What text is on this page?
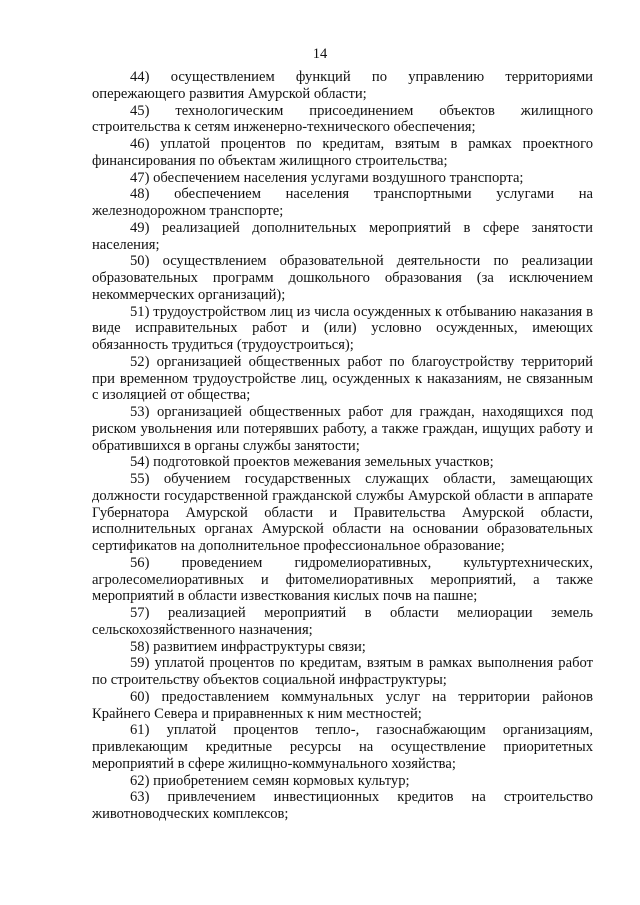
14

44) осуществлением функций по управлению территориями опережающего развития Амурской области;

45) технологическим присоединением объектов жилищного строительства к сетям инженерно-технического обеспечения;

46) уплатой процентов по кредитам, взятым в рамках проектного финансирования по объектам жилищного строительства;

47) обеспечением населения услугами воздушного транспорта;

48) обеспечением населения транспортными услугами на железнодорожном транспорте;

49) реализацией дополнительных мероприятий в сфере занятости населения;

50) осуществлением образовательной деятельности по реализации образовательных программ дошкольного образования (за исключением некоммерческих организаций);

51) трудоустройством лиц из числа осужденных к отбыванию наказания в виде исправительных работ и (или) условно осужденных, имеющих обязанность трудиться (трудоустроиться);

52) организацией общественных работ по благоустройству территорий при временном трудоустройстве лиц, осужденных к наказаниям, не связанным с изоляцией от общества;

53) организацией общественных работ для граждан, находящихся под риском увольнения или потерявших работу, а также граждан, ищущих работу и обратившихся в органы службы занятости;

54) подготовкой проектов межевания земельных участков;

55) обучением государственных служащих области, замещающих должности государственной гражданской службы Амурской области в аппарате Губернатора Амурской области и Правительства Амурской области, исполнительных органах Амурской области на основании образовательных сертификатов на дополнительное профессиональное образование;

56) проведением гидромелиоративных, культуртехнических, агролесомелиоративных и фитомелиоративных мероприятий, а также мероприятий в области известкования кислых почв на пашне;

57) реализацией мероприятий в области мелиорации земель сельскохозяйственного назначения;

58) развитием инфраструктуры связи;

59) уплатой процентов по кредитам, взятым в рамках выполнения работ по строительству объектов социальной инфраструктуры;

60) предоставлением коммунальных услуг на территории районов Крайнего Севера и приравненных к ним местностей;

61) уплатой процентов тепло-, газоснабжающим организациям, привлекающим кредитные ресурсы на осуществление приоритетных мероприятий в сфере жилищно-коммунального хозяйства;

62) приобретением семян кормовых культур;

63) привлечением инвестиционных кредитов на строительство животноводческих комплексов;
